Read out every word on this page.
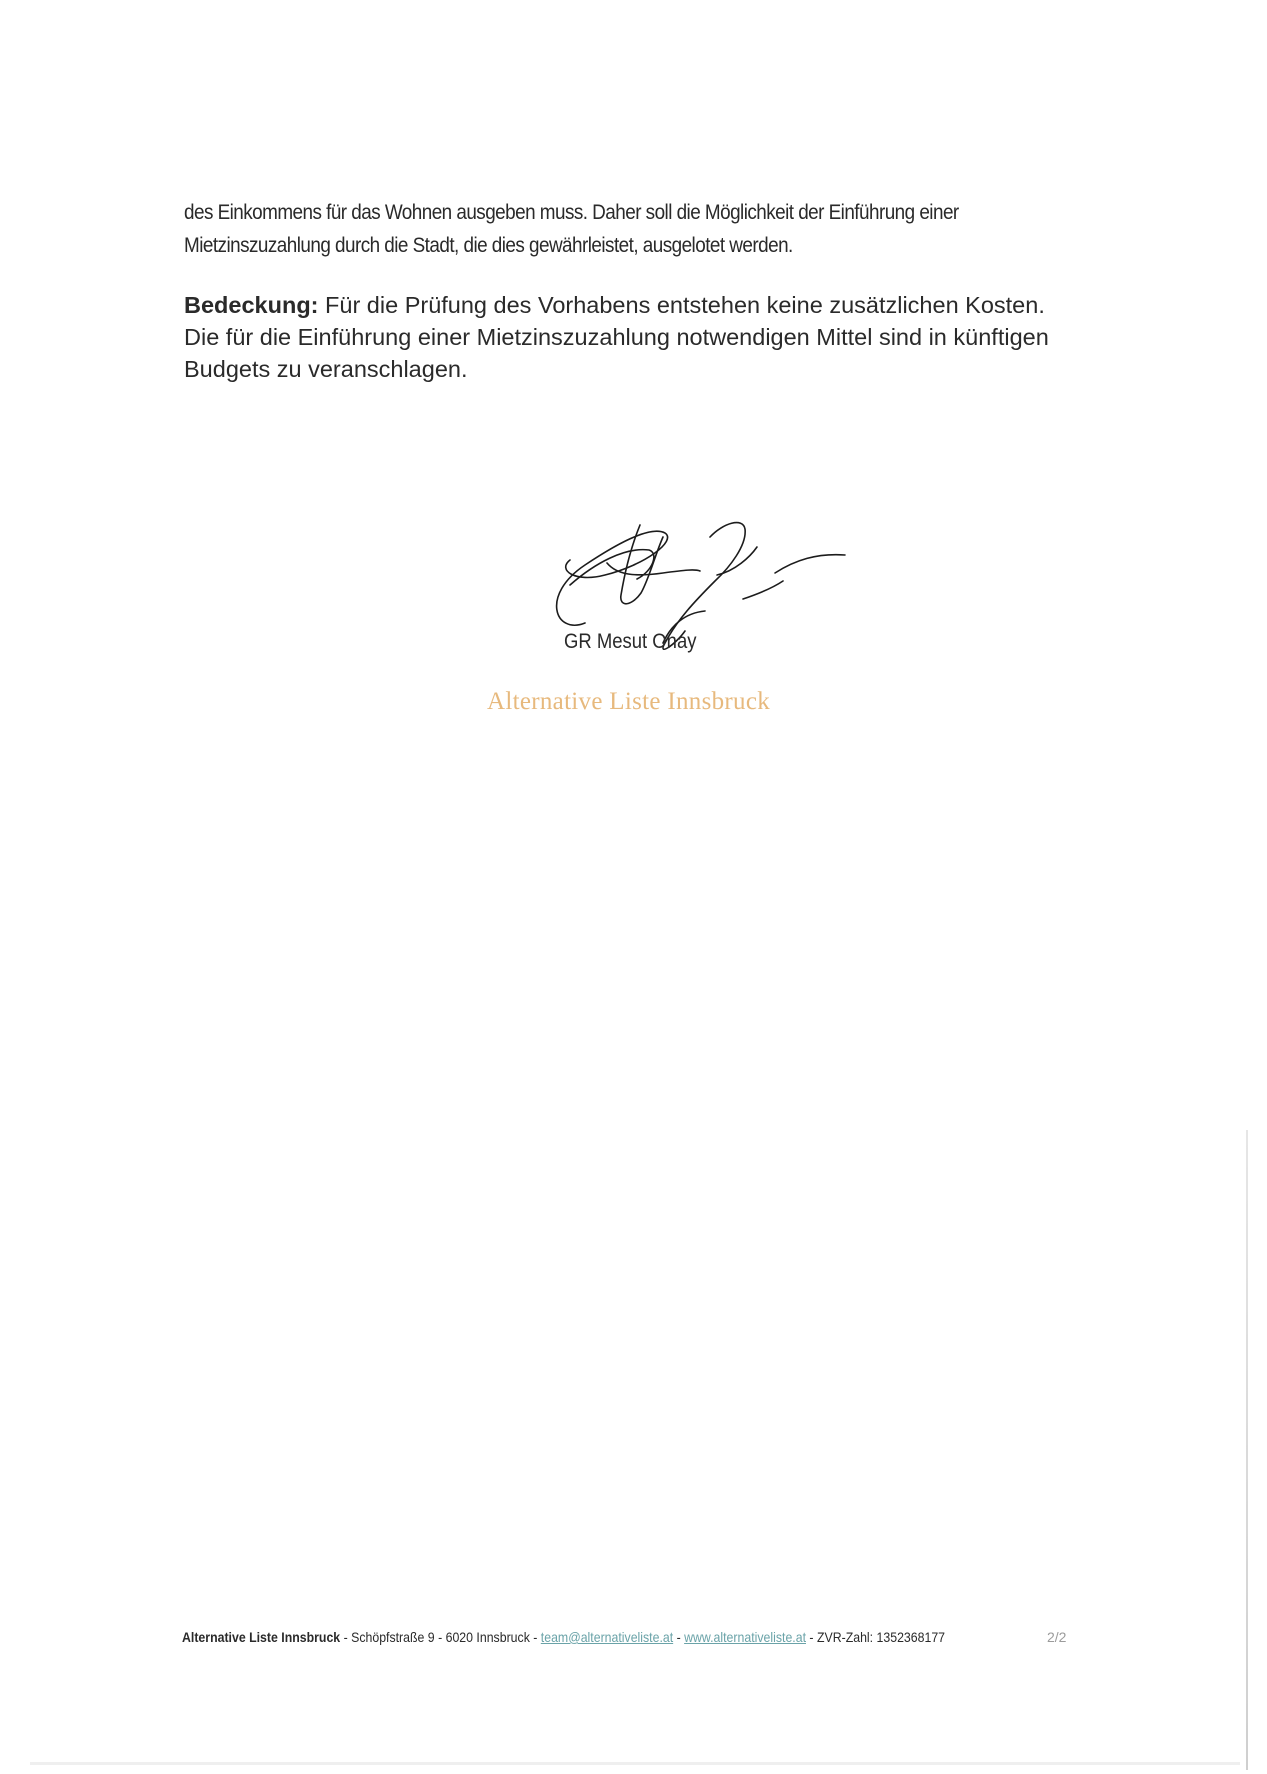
des Einkommens für das Wohnen ausgeben muss. Daher soll die Möglichkeit der Einführung einer
Mietzinszuzahlung durch die Stadt, die dies gewährleistet, ausgelotet werden.
Bedeckung: Für die Prüfung des Vorhabens entstehen keine zusätzlichen Kosten.
Die für die Einführung einer Mietzinszuzahlung notwendigen Mittel sind in künftigen
Budgets zu veranschlagen.
GR Mesut Onay
Alternative Liste Innsbruck
Alternative Liste Innsbruck - Schöpfstraße 9 - 6020 Innsbruck - team@alternativeliste.at - www.alternativeliste.at - ZVR-Zahl: 1352368177	2/2
